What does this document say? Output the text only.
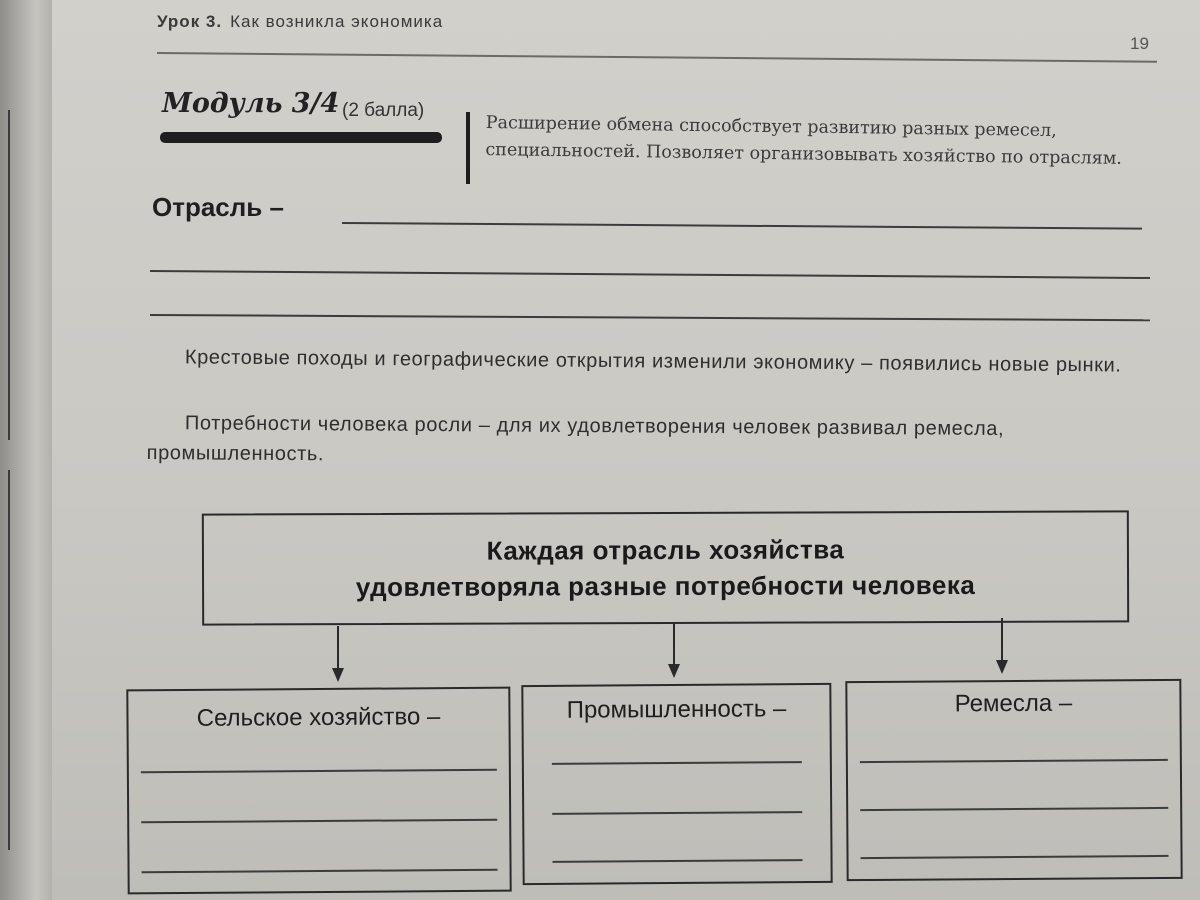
Урок 3. Как возникла экономика
19
Модуль 3/4 (2 балла)
Расширение обмена способствует развитию разных ремесел, специальностей. Позволяет организовывать хозяйство по отраслям.
Отрасль –
Крестовые походы и географические открытия изменили экономику – появились новые рынки.
Потребности человека росли – для их удовлетворения человек развивал ремесла, промышленность.
Каждая отрасль хозяйства
удовлетворяла разные потребности человека
Сельское хозяйство –	Промышленность –	Ремесла –
